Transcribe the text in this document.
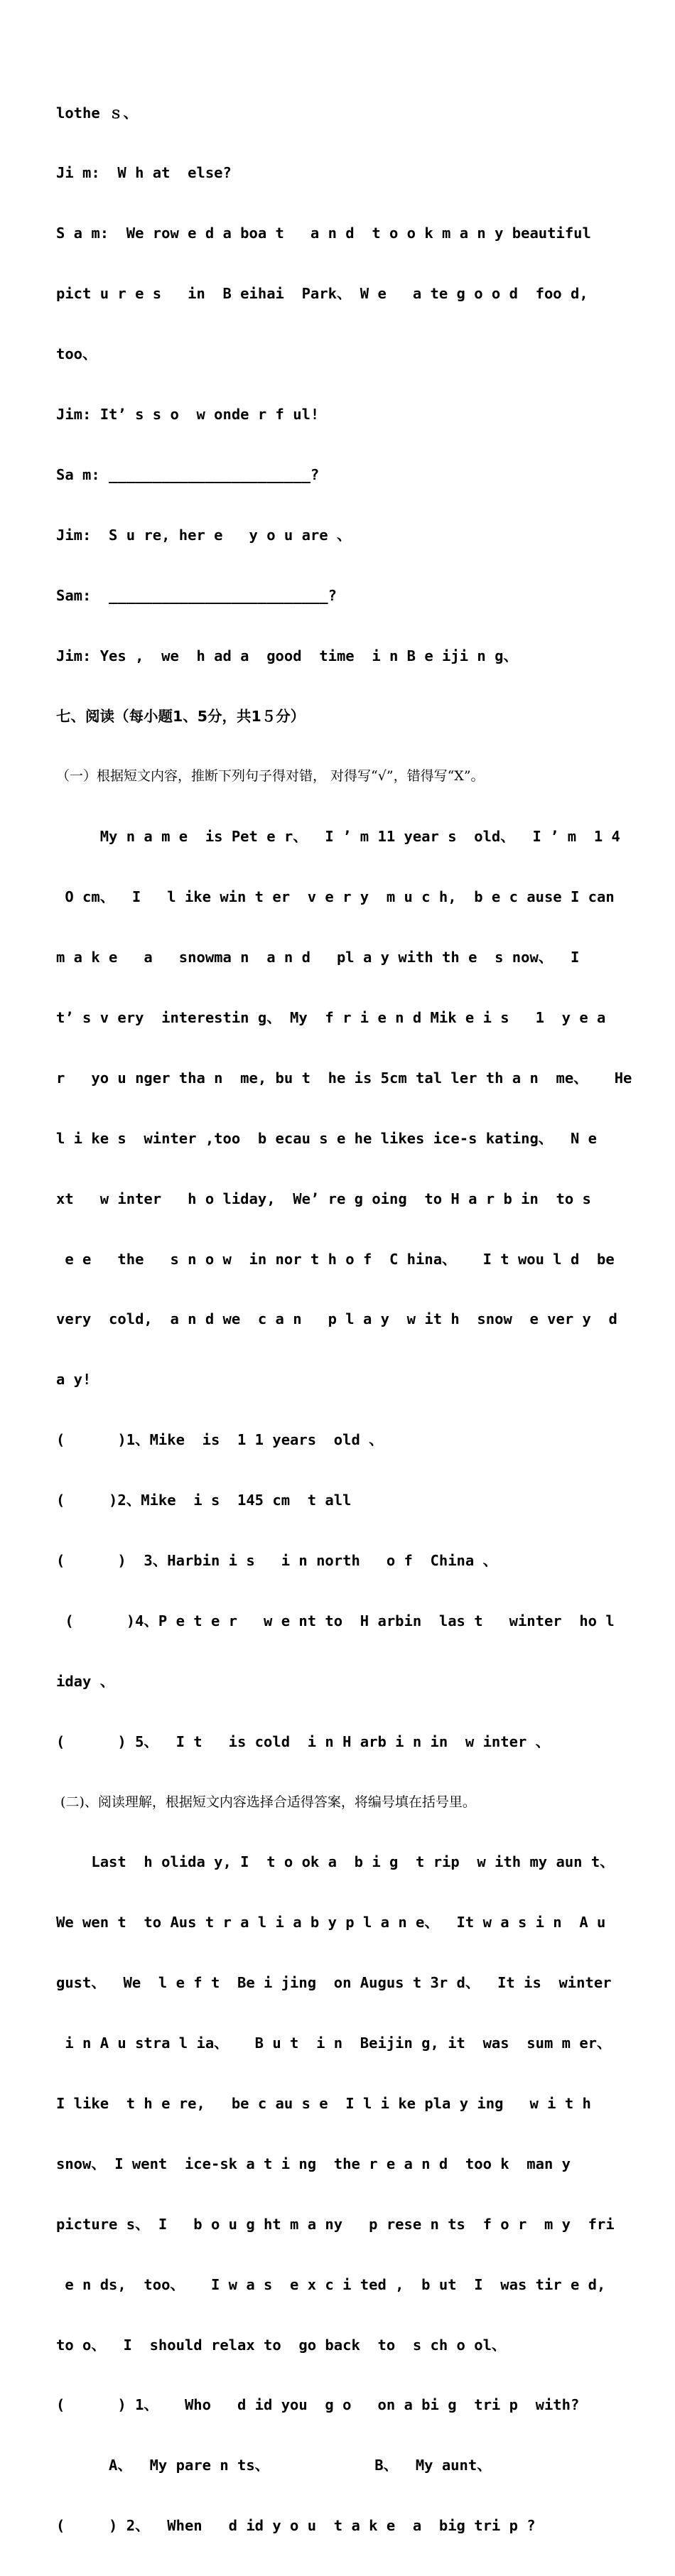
lothe ｓ、

Ji m:  W h at  else?

S a m:  We row e d a boa t   a n d  t o o k m a n y beautiful

pict u r e s   in  B eihai  Park、 W e   a te g o o d  foo d,

too、

Jim: It’ s s o  w onde r f ul!

Sa m: _______________________?

Jim:  S u re, her e   y o u are 、

Sam:  _________________________?

Jim: Yes ,  we  h ad a  good  time  i n B e iji n g、

七、阅读（每小题1、5分，共1５分）

（一）根据短文内容，推断下列句子得对错， 对得写“√”，错得写“X”。

My n a m e  is Pet e r、  I ’ m 11 year s  old、  I ’ m  1 4

O cm、  I   l ike win t er  v e r y  m u c h,  b e c ause I can

m a k e   a   snowma n  a n d   pl a y with th e  s now、  I

t’ s v ery  interestin g、 My  f r i e n d Mik e i s   1  y e a

r   yo u nger tha n  me, bu t  he is 5cm tal ler th a n  me、   He

l i ke s  winter ,too  b ecau s e he likes ice-s kating、  N e

xt   w inter   h o liday,  We’ re g oing  to H a r b in  to s

e e   the   s n o w  in nor t h o f  C hina、   I t wou l d  be

very  cold,  a n d we  c a n   p l a y  w it h  snow  e ver y  d

a y!

(      )1、Mike  is  1 1 years  old 、

(     )2、Mike  i s  145 cm  t all

(      )  3、Harbin i s   i n north   o f  China 、

(      )4、P e t e r   w e nt to  H arbin  las t   winter  ho l

iday 、

(      ) 5、  I t   is cold  i n H arb i n in  w inter 、

(二)、阅读理解，根据短文内容选择合适得答案，将编号填在括号里。

Last  h olida y, I  t o ok a  b i g  t rip  w ith my aun t、

We wen t  to Aus t r a l i a b y p l a n e、  It w a s i n  A u

gust、  We  l e f t  Be i jing  on Augus t 3r d、  It is  winter

i n A u stra l ia、   B u t  i n  Beijin g, it  was  sum m er、

I like  t h e re,   be c au s e  I l i ke pla y ing   w i t h

snow、 I went  ice-sk a t i ng  the r e a n d  too k  man y

picture s、 I   b o u g ht m a ny   p rese n ts  f o r  m y  fri

e n ds,  too、   I w a s  e x c i ted ,  b ut  I  was tir e d,

to o、  I  should relax to  go back  to  s ch o ol、

(      ) 1、   Who   d id you  g o   on a bi g  tri p  with?

A、  My pare n ts、            B、  My aunt、

(     ) 2、  When   d id y o u  t a k e  a  big tri p ?
